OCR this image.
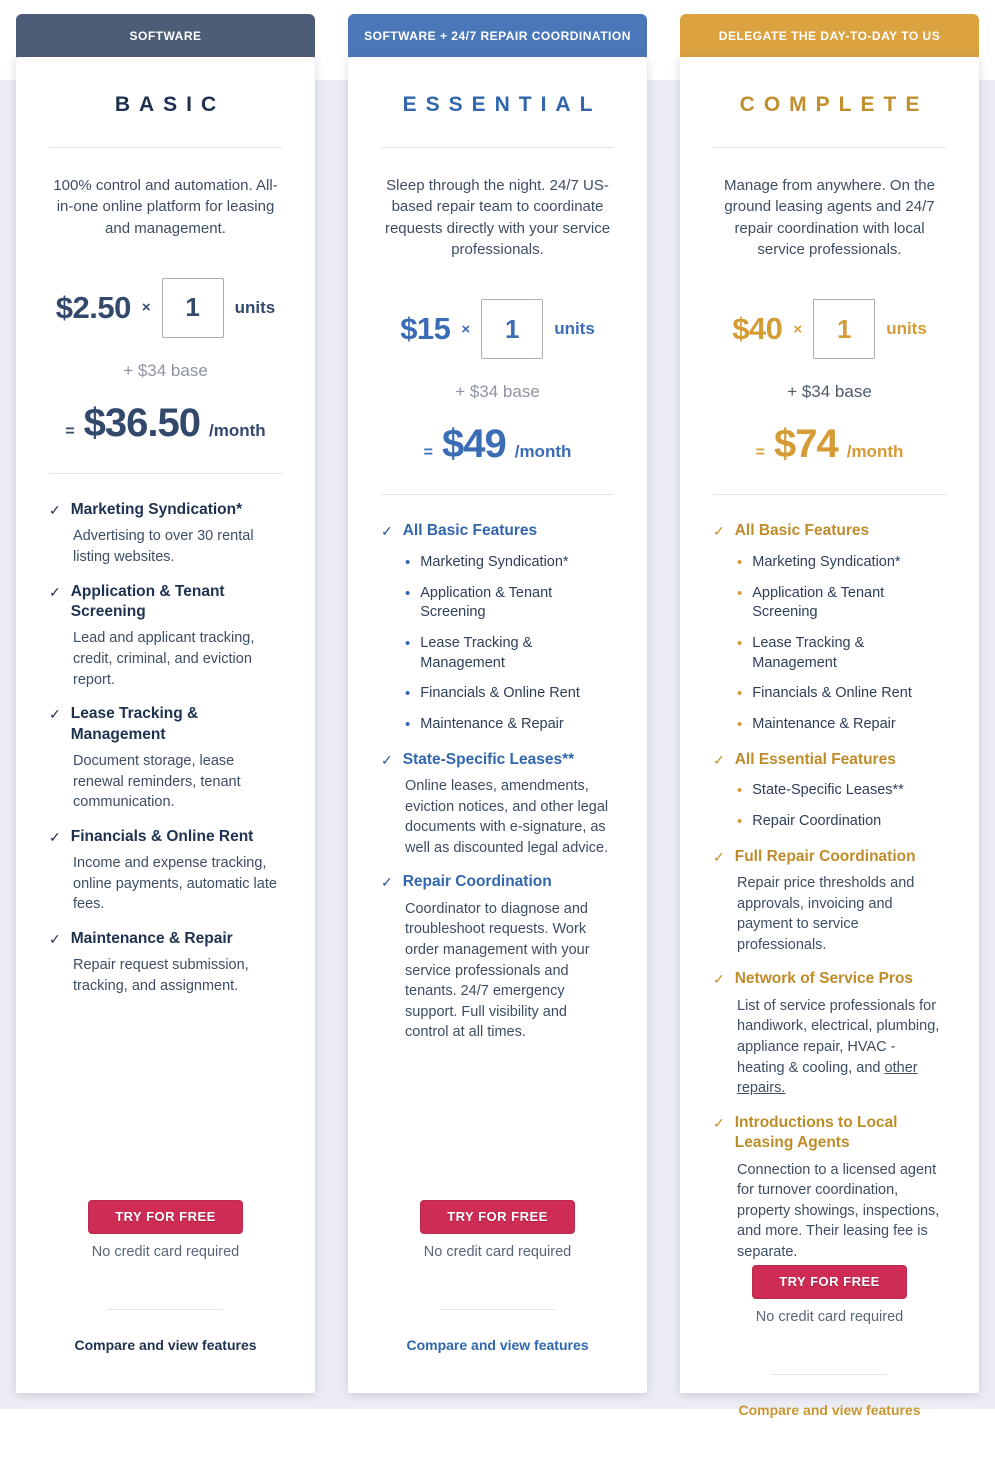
SOFTWARE
BASIC
100% control and automation. All-in-one online platform for leasing and management.
$2.50 ×
1	units
+ $34 base
= $36.50 /month
✓ Marketing Syndication*
Advertising to over 30 rental listing websites.
✓ Application & Tenant Screening
Lead and applicant tracking, credit, criminal, and eviction report.
✓ Lease Tracking & Management
Document storage, lease renewal reminders, tenant communication.
✓ Financials & Online Rent
Income and expense tracking, online payments, automatic late fees.
✓ Maintenance & Repair
Repair request submission, tracking, and assignment.
TRY FOR FREE
No credit card required
Compare and view features
SOFTWARE + 24/7 REPAIR COORDINATION
ESSENTIAL
Sleep through the night. 24/7 US-based repair team to coordinate requests directly with your service professionals.
$15 ×
1	units
+ $34 base
= $49 /month
✓ All Basic Features
• Marketing Syndication*
• Application & Tenant Screening
• Lease Tracking & Management
• Financials & Online Rent
• Maintenance & Repair
✓ State-Specific Leases**
Online leases, amendments, eviction notices, and other legal documents with e-signature, as well as discounted legal advice.
✓ Repair Coordination
Coordinator to diagnose and troubleshoot requests. Work order management with your service professionals and tenants. 24/7 emergency support. Full visibility and control at all times.
TRY FOR FREE
No credit card required
Compare and view features
DELEGATE THE DAY-TO-DAY TO US
COMPLETE
Manage from anywhere. On the ground leasing agents and 24/7 repair coordination with local service professionals.
$40 ×
1	units
+ $34 base
= $74 /month
✓ All Basic Features
• Marketing Syndication*
• Application & Tenant Screening
• Lease Tracking & Management
• Financials & Online Rent
• Maintenance & Repair
✓ All Essential Features
• State-Specific Leases**
• Repair Coordination
✓ Full Repair Coordination
Repair price thresholds and approvals, invoicing and payment to service professionals.
✓ Network of Service Pros
List of service professionals for handiwork, electrical, plumbing, appliance repair, HVAC - heating & cooling, and other repairs.
✓ Introductions to Local Leasing Agents
Connection to a licensed agent for turnover coordination, property showings, inspections, and more. Their leasing fee is separate.
TRY FOR FREE
No credit card required
Compare and view features
